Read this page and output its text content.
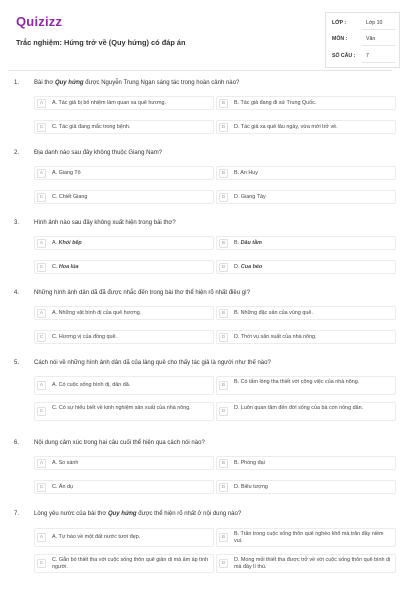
Quizizz
Trắc nghiệm: Hứng trở về (Quy hứng) có đáp án
LỚP :	Lớp 10
MÔN :	Văn
SỐ CÂU : 7
1. Bài thơ Quy hứng được Nguyễn Trung Ngạn sáng tác trong hoàn cảnh nào?
A	A. Tác giả bị bổ nhiệm làm quan xa quê hương.	B	B. Tác giả đang đi sứ Trung Quốc.
C	C. Tác giả đang mắc trong bệnh.	D	D. Tác giả xa quê lâu ngày, vừa mới trở về.
2. Địa danh nào sau đây không thuộc Giang Nam?
A	A. Giang Tô	B	B. An Huy
C	C. Chiết Giang	D	D. Giang Tây
3. Hình ảnh nào sau đây không xuất hiện trong bài thơ?
A	A. Khói bếp	B	B. Dâu tằm
C	C. Hoa lúa	D	D. Cua béo
4. Những hình ảnh dân dã đã được nhắc đến trong bài thơ thể hiện rõ nhất điều gì?
A	A. Những vật bình dị của quê hương.	B	B. Những đặc sản của vùng quê.
C	C. Hương vị của đồng quê.	D	D. Thời vụ sản xuất của nhà nông.
5. Cách nói về những hình ảnh dân dã của làng quê cho thấy tác giả là người như thế nào?
A	A. Có cuộc sống bình dị, dân dã.	B
B. Có tấm lòng tha thiết với công việc của nhà nông.
C
C. Có sự hiểu biết về kinh nghiệm sản xuất của nhà nông.
D
D. Luôn quan tâm đến đời sống của bà con nông dân.
6. Nội dung cảm xúc trong hai câu cuối thể hiện qua cách nói nào?
A	A. So sánh	B	B. Phóng đại
C	C. Ẩn dụ	D	D. Biểu tượng
7. Lòng yêu nước của bài thơ Quy hứng được thể hiện rõ nhất ở nội dung nào?
A	A. Tự hào về một đất nước tươi đẹp.	B
B. Trăn trong cuộc sống thôn quê nghèo khổ mà trăn đầy niềm vui.
C
C. Gắn bó thiết tha với cuộc sống thôn quê giản dị mà ấm áp tình người.
D
D. Mong mỏi thiết tha được trở về với cuộc sống thôn quê bình dị mà đầy lí thú.
